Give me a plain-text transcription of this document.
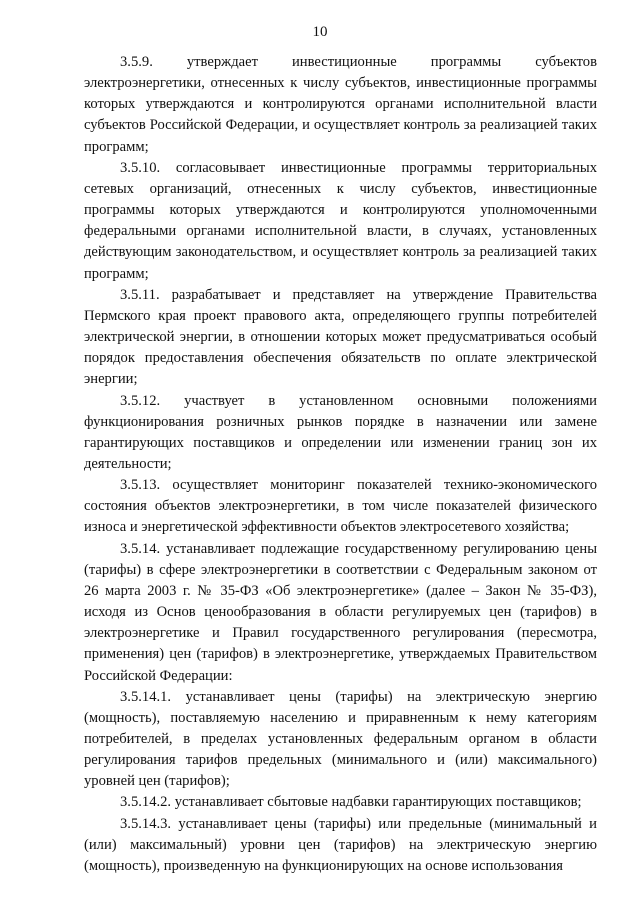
10

3.5.9. утверждает инвестиционные программы субъектов электроэнергетики, отнесенных к числу субъектов, инвестиционные программы которых утверждаются и контролируются органами исполнительной власти субъектов Российской Федерации, и осуществляет контроль за реализацией таких программ;

3.5.10. согласовывает инвестиционные программы территориальных сетевых организаций, отнесенных к числу субъектов, инвестиционные программы которых утверждаются и контролируются уполномоченными федеральными органами исполнительной власти, в случаях, установленных действующим законодательством, и осуществляет контроль за реализацией таких программ;

3.5.11. разрабатывает и представляет на утверждение Правительства Пермского края проект правового акта, определяющего группы потребителей электрической энергии, в отношении которых может предусматриваться особый порядок предоставления обеспечения обязательств по оплате электрической энергии;

3.5.12. участвует в установленном основными положениями функционирования розничных рынков порядке в назначении или замене гарантирующих поставщиков и определении или изменении границ зон их деятельности;

3.5.13. осуществляет мониторинг показателей технико-экономического состояния объектов электроэнергетики, в том числе показателей физического износа и энергетической эффективности объектов электросетевого хозяйства;

3.5.14. устанавливает подлежащие государственному регулированию цены (тарифы) в сфере электроэнергетики в соответствии с Федеральным законом от 26 марта 2003 г. № 35-ФЗ «Об электроэнергетике» (далее – Закон № 35-ФЗ), исходя из Основ ценообразования в области регулируемых цен (тарифов) в электроэнергетике и Правил государственного регулирования (пересмотра, применения) цен (тарифов) в электроэнергетике, утверждаемых Правительством Российской Федерации:

3.5.14.1. устанавливает цены (тарифы) на электрическую энергию (мощность), поставляемую населению и приравненным к нему категориям потребителей, в пределах установленных федеральным органом в области регулирования тарифов предельных (минимального и (или) максимального) уровней цен (тарифов);

3.5.14.2. устанавливает сбытовые надбавки гарантирующих поставщиков;

3.5.14.3. устанавливает цены (тарифы) или предельные (минимальный и (или) максимальный) уровни цен (тарифов) на электрическую энергию (мощность), произведенную на функционирующих на основе использования
